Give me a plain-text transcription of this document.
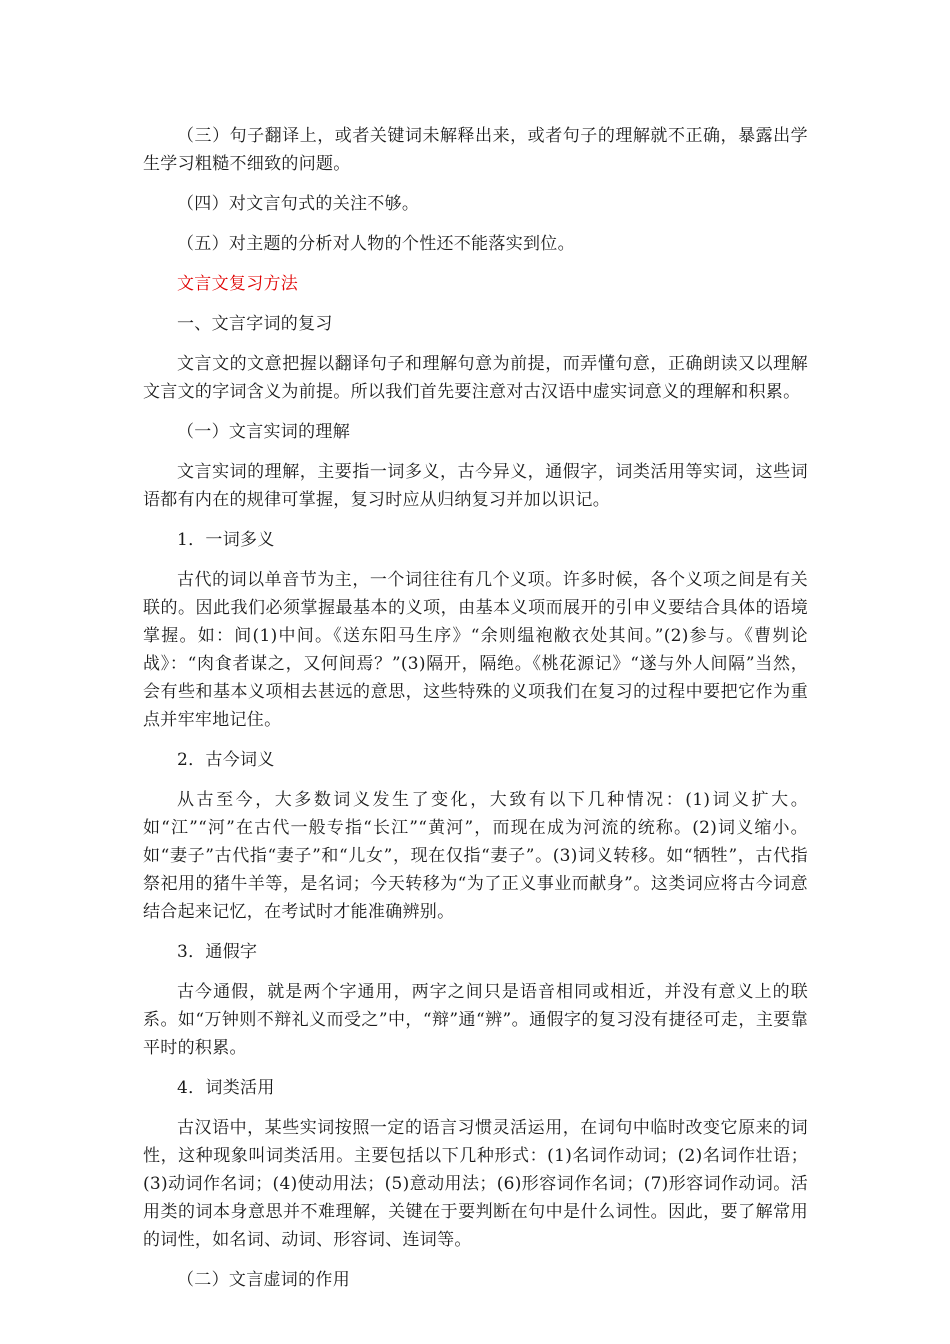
（三）句子翻译上，或者关键词未解释出来，或者句子的理解就不正确，暴露出学生学习粗糙不细致的问题。

（四）对文言句式的关注不够。

（五）对主题的分析对人物的个性还不能落实到位。

文言文复习方法

一、文言字词的复习

文言文的文意把握以翻译句子和理解句意为前提，而弄懂句意，正确朗读又以理解文言文的字词含义为前提。所以我们首先要注意对古汉语中虚实词意义的理解和积累。

（一）文言实词的理解

文言实词的理解，主要指一词多义，古今异义，通假字，词类活用等实词，这些词语都有内在的规律可掌握，复习时应从归纳复习并加以识记。

1．一词多义

古代的词以单音节为主，一个词往往有几个义项。许多时候，各个义项之间是有关联的。因此我们必须掌握最基本的义项，由基本义项而展开的引申义要结合具体的语境掌握。如：间(1)中间。《送东阳马生序》“余则缊袍敝衣处其间。”(2)参与。《曹刿论战》：“肉食者谋之，又何间焉？”(3)隔开，隔绝。《桃花源记》“遂与外人间隔”当然，会有些和基本义项相去甚远的意思，这些特殊的义项我们在复习的过程中要把它作为重点并牢牢地记住。

2．古今词义

从古至今，大多数词义发生了变化，大致有以下几种情况：(1)词义扩大。如“江”“河”在古代一般专指“长江”“黄河”，而现在成为河流的统称。(2)词义缩小。如“妻子”古代指“妻子”和“儿女”，现在仅指“妻子”。(3)词义转移。如“牺牲”，古代指祭祀用的猪牛羊等，是名词；今天转移为“为了正义事业而献身”。这类词应将古今词意结合起来记忆，在考试时才能准确辨别。

3．通假字

古今通假，就是两个字通用，两字之间只是语音相同或相近，并没有意义上的联系。如“万钟则不辩礼义而受之”中，“辩”通“辨”。通假字的复习没有捷径可走，主要靠平时的积累。

4．词类活用

古汉语中，某些实词按照一定的语言习惯灵活运用，在词句中临时改变它原来的词性，这种现象叫词类活用。主要包括以下几种形式：(1)名词作动词；(2)名词作壮语；(3)动词作名词；(4)使动用法；(5)意动用法；(6)形容词作名词；(7)形容词作动词。活用类的词本身意思并不难理解，关键在于要判断在句中是什么词性。因此，要了解常用的词性，如名词、动词、形容词、连词等。

（二）文言虚词的作用
